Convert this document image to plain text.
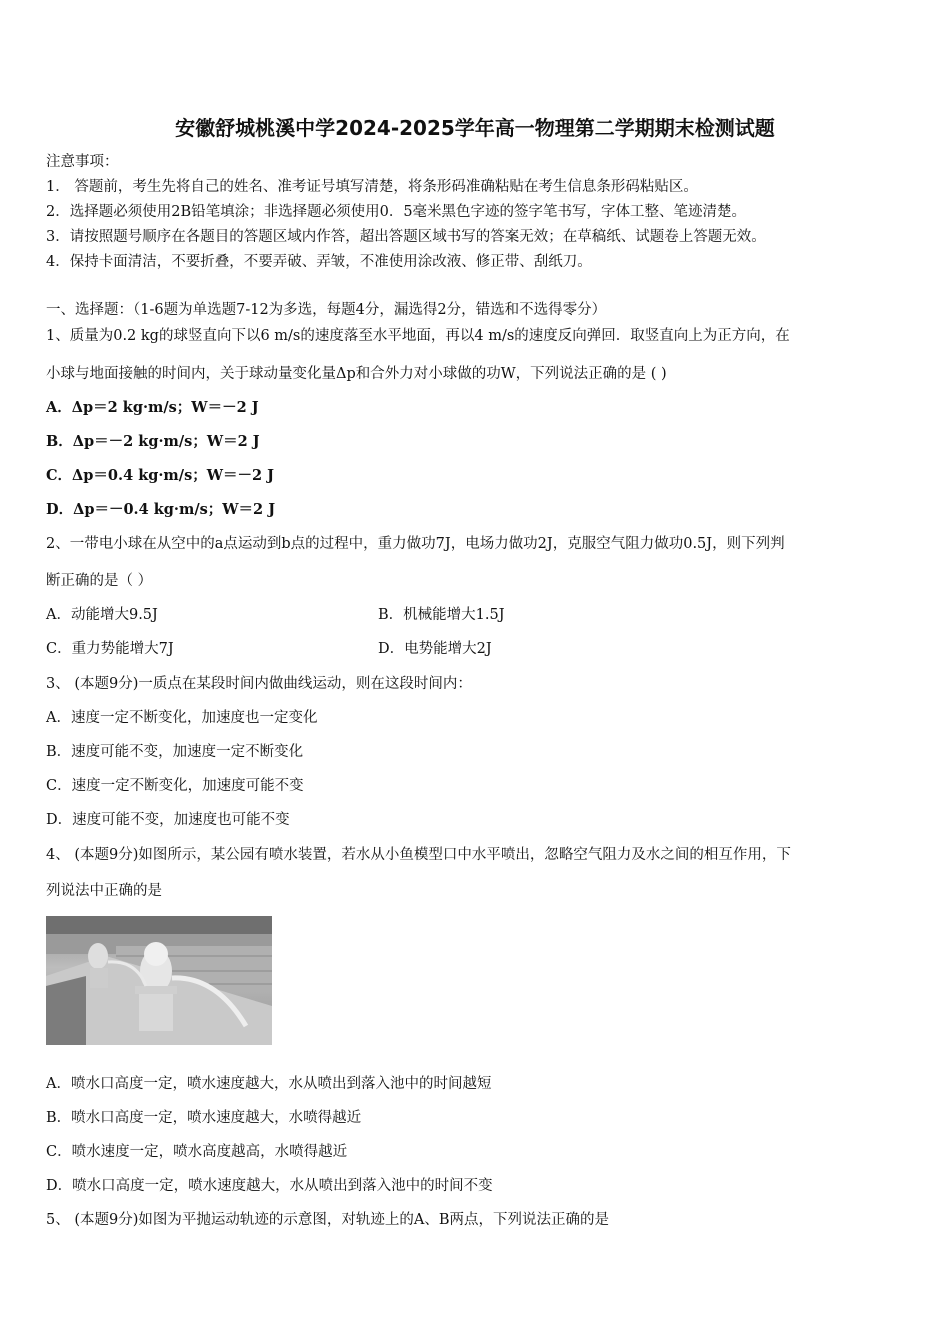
安徽舒城桃溪中学2024-2025学年高一物理第二学期期末检测试题
注意事项：
1． 答题前，考生先将自己的姓名、准考证号填写清楚，将条形码准确粘贴在考生信息条形码粘贴区。
2．选择题必须使用2B铅笔填涂；非选择题必须使用0．5毫米黑色字迹的签字笔书写，字体工整、笔迹清楚。
3．请按照题号顺序在各题目的答题区域内作答，超出答题区域书写的答案无效；在草稿纸、试题卷上答题无效。
4．保持卡面清洁，不要折叠，不要弄破、弄皱，不准使用涂改液、修正带、刮纸刀。
一、选择题：（1-6题为单选题7-12为多选，每题4分，漏选得2分，错选和不选得零分）
1、质量为0.2 kg的球竖直向下以6 m/s的速度落至水平地面，再以4 m/s的速度反向弹回．取竖直向上为正方向，在
小球与地面接触的时间内，关于球动量变化量Δp和合外力对小球做的功W，下列说法正确的是 ( )
A．Δp＝2 kg·m/s；W＝－2 J
B．Δp＝－2 kg·m/s；W＝2 J
C．Δp＝0.4 kg·m/s；W＝－2 J
D．Δp＝－0.4 kg·m/s；W＝2 J
2、一带电小球在从空中的a点运动到b点的过程中，重力做功7J，电场力做功2J，克服空气阻力做功0.5J，则下列判
断正确的是（ ）
A．动能增大9.5J	B．机械能增大1.5J
C．重力势能增大7J	D．电势能增大2J
3、 (本题9分)一质点在某段时间内做曲线运动，则在这段时间内：
A．速度一定不断变化，加速度也一定变化
B．速度可能不变，加速度一定不断变化
C．速度一定不断变化，加速度可能不变
D．速度可能不变，加速度也可能不变
4、 (本题9分)如图所示，某公园有喷水装置，若水从小鱼模型口中水平喷出，忽略空气阻力及水之间的相互作用，下
列说法中正确的是
A．喷水口高度一定，喷水速度越大，水从喷出到落入池中的时间越短
B．喷水口高度一定，喷水速度越大，水喷得越近
C．喷水速度一定，喷水高度越高，水喷得越近
D．喷水口高度一定，喷水速度越大，水从喷出到落入池中的时间不变
5、 (本题9分)如图为平抛运动轨迹的示意图，对轨迹上的A、B两点，下列说法正确的是
